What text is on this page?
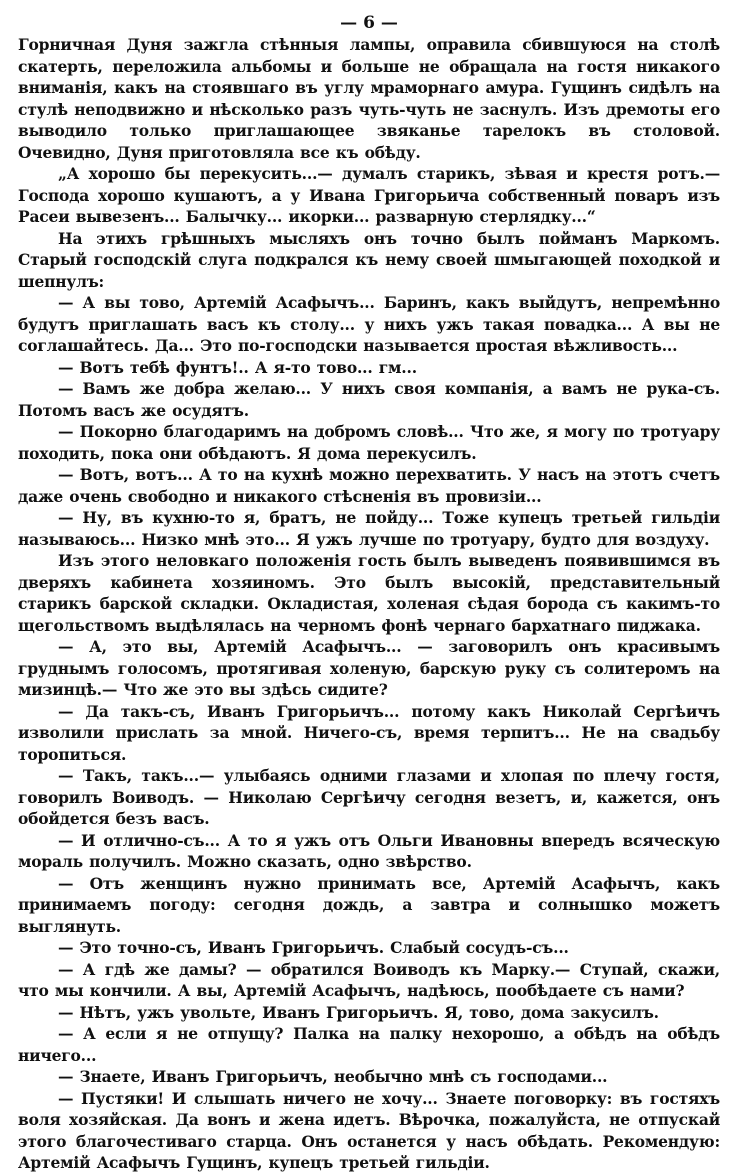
— 6 —

Горничная Дуня зажгла стѣнныя лампы, оправила сбившуюся на столѣ скатерть, переложила альбомы и больше не обращала на гостя никакого вниманія, какъ на стоявшаго въ углу мраморнаго амура. Гущинъ сидѣлъ на стулѣ неподвижно и нѣсколько разъ чуть-чуть не заснулъ. Изъ дремоты его выводило только приглашающее звяканье тарелокъ въ столовой. Очевидно, Дуня приготовляла все къ обѣду.

„А хорошо бы перекусить...— думалъ старикъ, зѣвая и крестя ротъ.— Господа хорошо кушаютъ, а у Ивана Григорьича собственный поваръ изъ Расеи вывезенъ... Балычку... икорки... разварную стерлядку...“

На этихъ грѣшныхъ мысляхъ онъ точно былъ пойманъ Маркомъ. Старый господскій слуга подкрался къ нему своей шмыгающей походкой и шепнулъ:

— А вы тово, Артемій Асафычъ... Баринъ, какъ выйдутъ, непремѣнно будутъ приглашать васъ къ столу... у нихъ ужъ такая повадка... А вы не соглашайтесь. Да... Это по-господски называется простая вѣжливость...

— Вотъ тебѣ фунтъ!.. А я-то тово... гм...

— Вамъ же добра желаю... У нихъ своя компанія, а вамъ не рука-съ. Потомъ васъ же осудятъ.

— Покорно благодаримъ на добромъ словѣ... Что же, я могу по тротуару походить, пока они обѣдаютъ. Я дома перекусилъ.

— Вотъ, вотъ... А то на кухнѣ можно перехватить. У насъ на этотъ счетъ даже очень свободно и никакого стѣсненія въ провизіи...

— Ну, въ кухню-то я, братъ, не пойду... Тоже купецъ третьей гильдіи называюсь... Низко мнѣ это... Я ужъ лучше по тротуару, будто для воздуху.

Изъ этого неловкаго положенія гость былъ выведенъ появившимся въ дверяхъ кабинета хозяиномъ. Это былъ высокій, представительный старикъ барской складки. Окладистая, холеная сѣдая борода съ какимъ-то щегольствомъ выдѣлялась на черномъ фонѣ чернаго бархатнаго пиджака.

— А, это вы, Артемій Асафычъ... — заговорилъ онъ красивымъ груднымъ голосомъ, протягивая холеную, барскую руку съ солитеромъ на мизинцѣ.— Что же это вы здѣсь сидите?

— Да такъ-съ, Иванъ Григорьичъ... потому какъ Николай Сергѣичъ изволили прислать за мной. Ничего-съ, время терпитъ... Не на свадьбу торопиться.

— Такъ, такъ...— улыбаясь одними глазами и хлопая по плечу гостя, говорилъ Воиводъ. — Николаю Сергѣичу сегодня везетъ, и, кажется, онъ обойдется безъ васъ.

— И отлично-съ... А то я ужъ отъ Ольги Ивановны впередъ всяческую мораль получилъ. Можно сказать, одно звѣрство.

— Отъ женщинъ нужно принимать все, Артемій Асафычъ, какъ принимаемъ погоду: сегодня дождь, а завтра и солнышко можетъ выглянуть.

— Это точно-съ, Иванъ Григорьичъ. Слабый сосудъ-съ...

— А гдѣ же дамы? — обратился Воиводъ къ Марку.— Ступай, скажи, что мы кончили. А вы, Артемій Асафычъ, надѣюсь, пообѣдаете съ нами?

— Нѣтъ, ужъ увольте, Иванъ Григорьичъ. Я, тово, дома закусилъ.

— А если я не отпущу? Палка на палку нехорошо, а обѣдъ на обѣдъ ничего...

— Знаете, Иванъ Григорьичъ, необычно мнѣ съ господами...

— Пустяки! И слышать ничего не хочу... Знаете поговорку: въ гостяхъ воля хозяйская. Да вонъ и жена идетъ. Вѣрочка, пожалуйста, не отпускай этого благочестиваго старца. Онъ останется у насъ обѣдать. Рекомендую: Артемій Асафычъ Гущинъ, купецъ третьей гильдіи.
